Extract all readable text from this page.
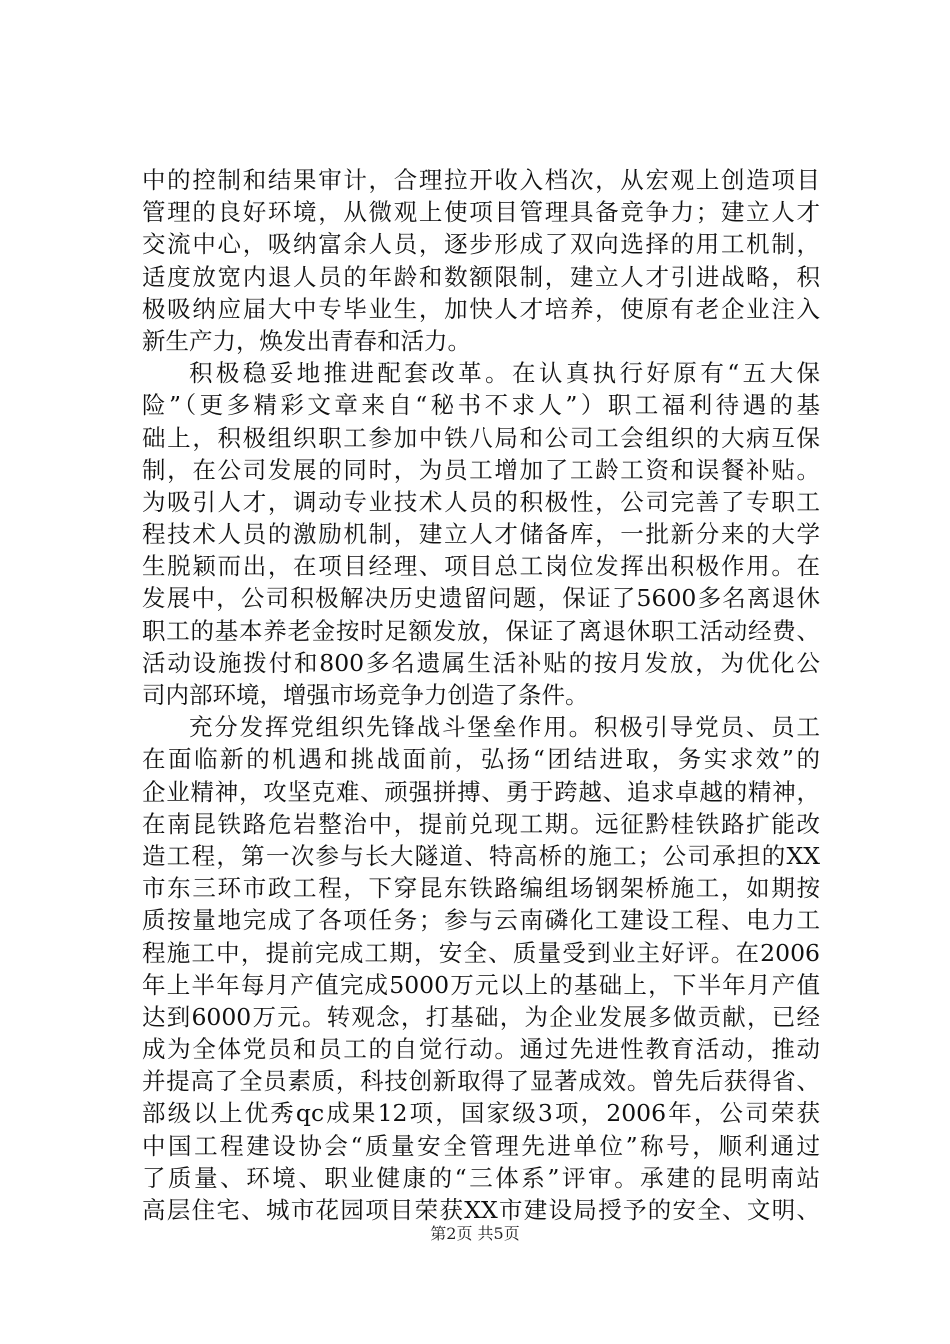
中的控制和结果审计，合理拉开收入档次，从宏观上创造项目
管理的良好环境，从微观上使项目管理具备竞争力；建立人才
交流中心，吸纳富余人员，逐步形成了双向选择的用工机制，
适度放宽内退人员的年龄和数额限制，建立人才引进战略，积
极吸纳应届大中专毕业生，加快人才培养，使原有老企业注入
新生产力，焕发出青春和活力。
积极稳妥地推进配套改革。在认真执行好原有“五大保
险”（更多精彩文章来自“秘书不求人”）职工福利待遇的基
础上，积极组织职工参加中铁八局和公司工会组织的大病互保
制，在公司发展的同时，为员工增加了工龄工资和误餐补贴。
为吸引人才，调动专业技术人员的积极性，公司完善了专职工
程技术人员的激励机制，建立人才储备库，一批新分来的大学
生脱颖而出，在项目经理、项目总工岗位发挥出积极作用。在
发展中，公司积极解决历史遗留问题，保证了5600多名离退休
职工的基本养老金按时足额发放，保证了离退休职工活动经费、
活动设施拨付和800多名遗属生活补贴的按月发放，为优化公
司内部环境，增强市场竞争力创造了条件。
充分发挥党组织先锋战斗堡垒作用。积极引导党员、员工
在面临新的机遇和挑战面前，弘扬“团结进取，务实求效”的
企业精神，攻坚克难、顽强拼搏、勇于跨越、追求卓越的精神，
在南昆铁路危岩整治中，提前兑现工期。远征黔桂铁路扩能改
造工程，第一次参与长大隧道、特高桥的施工；公司承担的XX
市东三环市政工程，下穿昆东铁路编组场钢架桥施工，如期按
质按量地完成了各项任务；参与云南磷化工建设工程、电力工
程施工中，提前完成工期，安全、质量受到业主好评。在2006
年上半年每月产值完成5000万元以上的基础上，下半年月产值
达到6000万元。转观念，打基础，为企业发展多做贡献，已经
成为全体党员和员工的自觉行动。通过先进性教育活动，推动
并提高了全员素质，科技创新取得了显著成效。曾先后获得省、
部级以上优秀qc成果12项，国家级3项，2006年，公司荣获
中国工程建设协会“质量安全管理先进单位”称号，顺利通过
了质量、环境、职业健康的“三体系”评审。承建的昆明南站
高层住宅、城市花园项目荣获XX市建设局授予的安全、文明、
第2页 共5页
